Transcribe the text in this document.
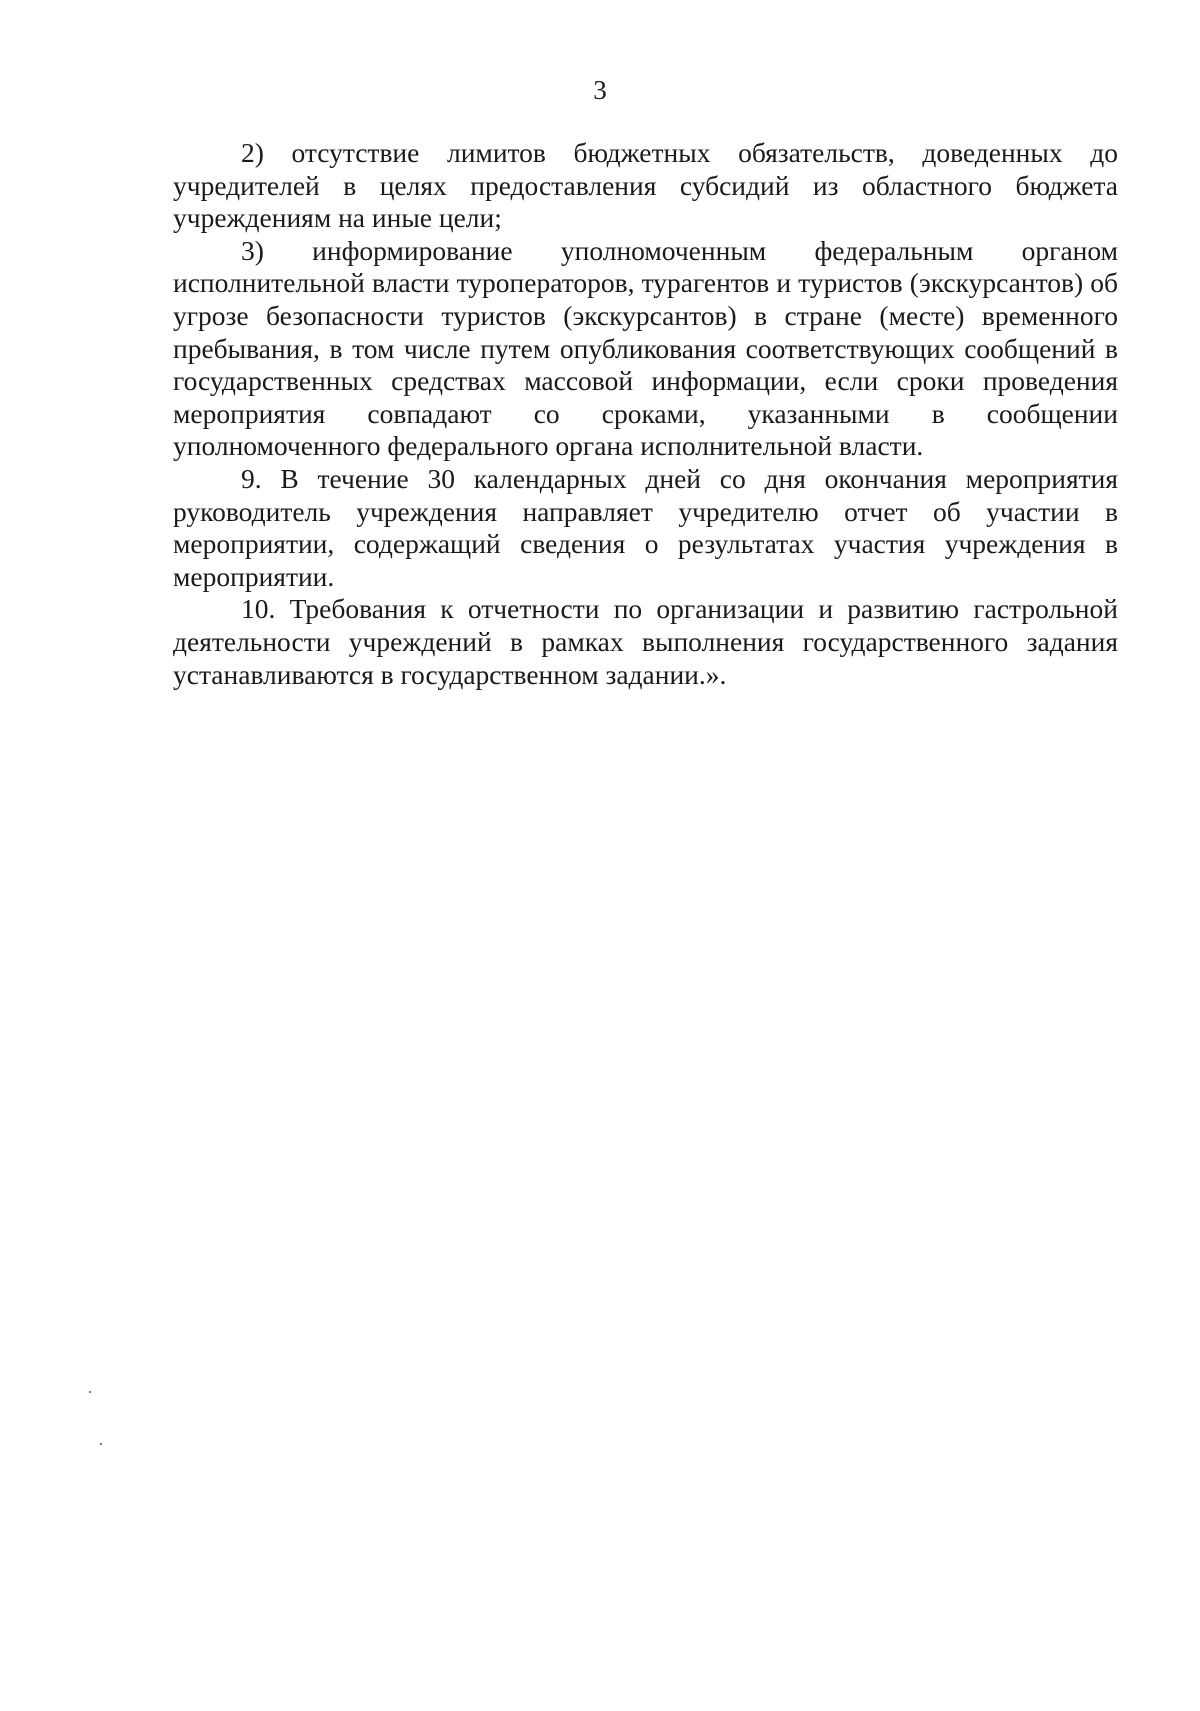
3

2) отсутствие лимитов бюджетных обязательств, доведенных до учредителей в целях предоставления субсидий из областного бюджета учреждениям на иные цели;

3) информирование уполномоченным федеральным органом исполнительной власти туроператоров, турагентов и туристов (экскурсантов) об угрозе безопасности туристов (экскурсантов) в стране (месте) временного пребывания, в том числе путем опубликования соответствующих сообщений в государственных средствах массовой информации, если сроки проведения мероприятия совпадают со сроками, указанными в сообщении уполномоченного федерального органа исполнительной власти.

9. В течение 30 календарных дней со дня окончания мероприятия руководитель учреждения направляет учредителю отчет об участии в мероприятии, содержащий сведения о результатах участия учреждения в мероприятии.

10. Требования к отчетности по организации и развитию гастрольной деятельности учреждений в рамках выполнения государственного задания устанавливаются в государственном задании.».
